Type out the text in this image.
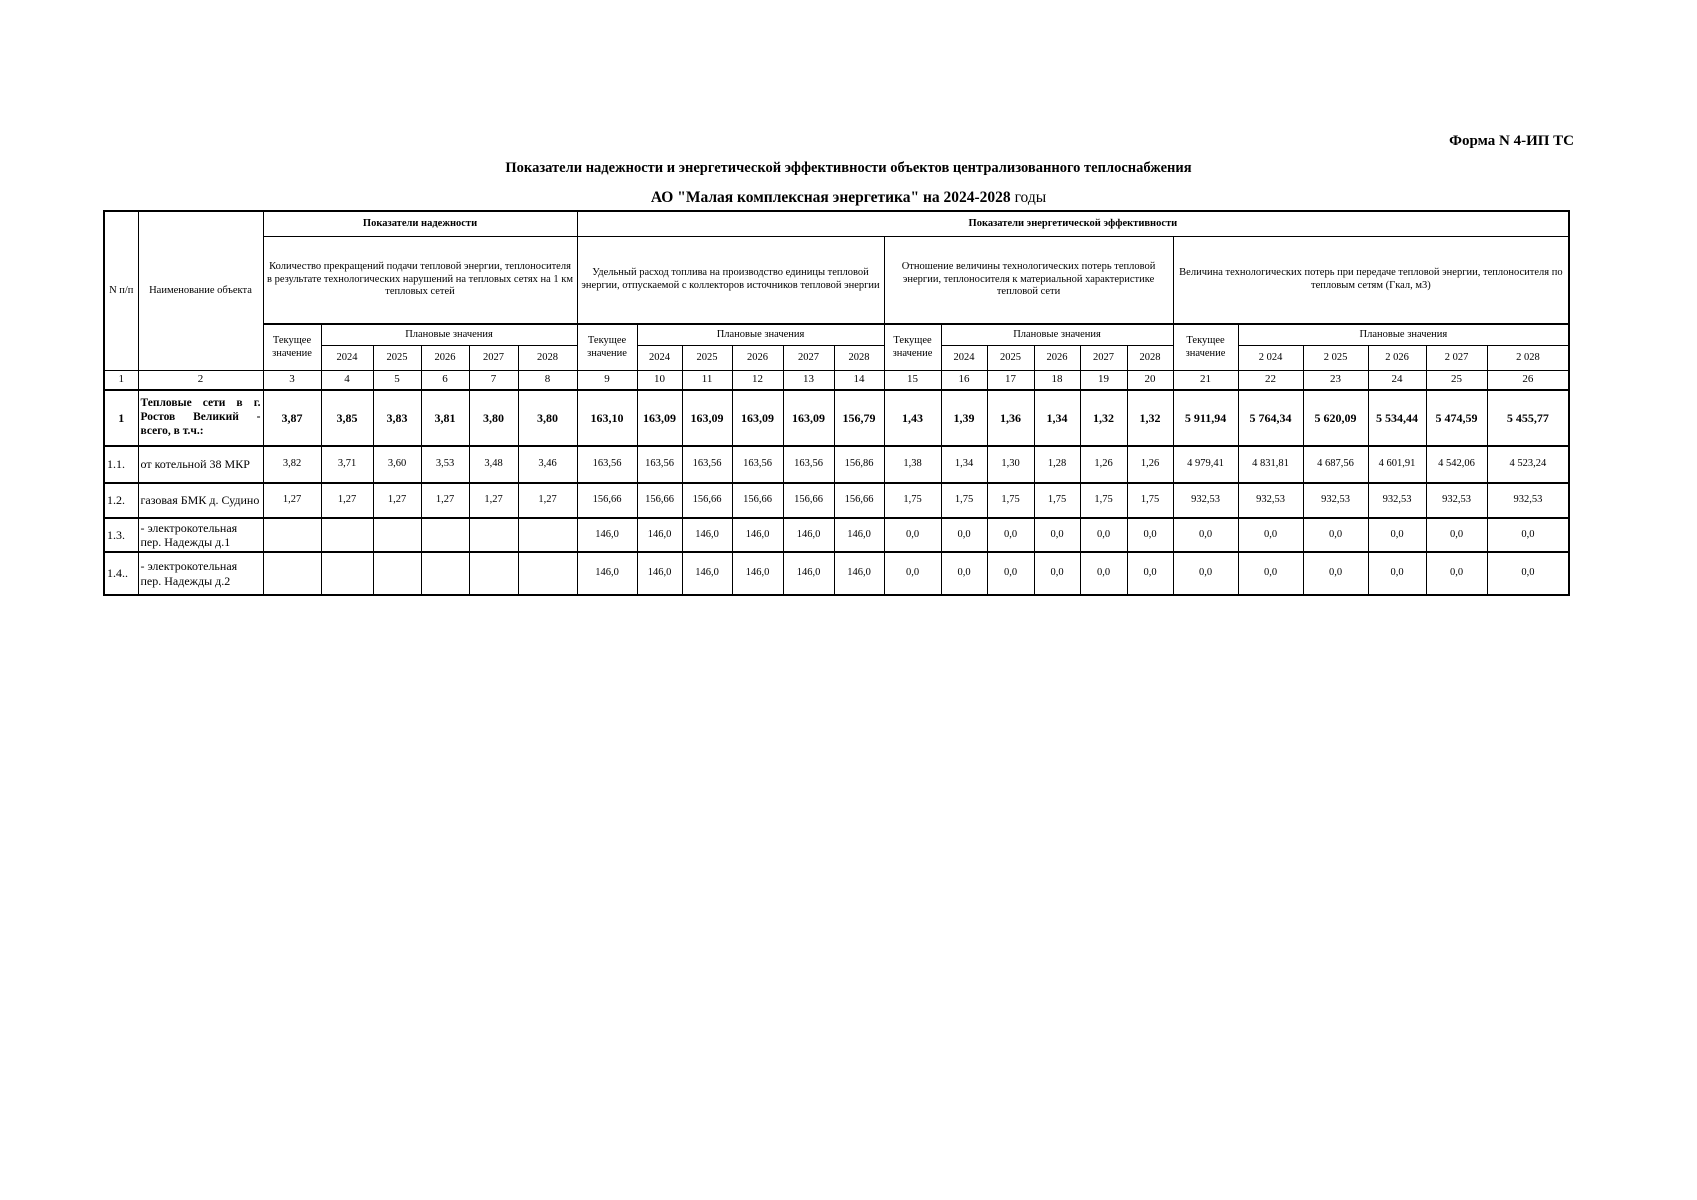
Форма N 4-ИП ТС
Показатели надежности и энергетической эффективности объектов централизованного теплоснабжения
АО "Малая комплексная энергетика" на 2024-2028 годы
N п/п	Наименование объекта	Показатели надежности						Показатели энергетической эффективности																	
		Количество прекращений подачи тепловой энергии, теплоносителя в результате технологических нарушений на тепловых сетях на 1 км тепловых сетей						Удельный расход топлива на производство единицы тепловой энергии, отпускаемой с коллекторов источников тепловой энергии						Отношение величины технологических потерь тепловой энергии, теплоносителя к материальной характеристике тепловой сети						Величина технологических потерь при передаче тепловой энергии, теплоносителя по тепловым сетям (Гкал, м3)					
		Текущее значение	Плановые значения					Текущее значение	Плановые значения					Текущее значение	Плановые значения					Текущее значение	Плановые значения				
			2024	2025	2026	2027	2028		2024	2025	2026	2027	2028		2024	2025	2026	2027	2028		2 024	2 025	2 026	2 027	2 028
1	2	3	4	5	6	7	8	9	10	11	12	13	14	15	16	17	18	19	20	21	22	23	24	25	26
1	Тепловые сети в г. Ростов Великий - всего, в т.ч.:	3,87	3,85	3,83	3,81	3,80	3,80	163,10	163,09	163,09	163,09	163,09	156,79	1,43	1,39	1,36	1,34	1,32	1,32	5 911,94	5 764,34	5 620,09	5 534,44	5 474,59	5 455,77
1.1.	от котельной 38 МКР	3,82	3,71	3,60	3,53	3,48	3,46	163,56	163,56	163,56	163,56	163,56	156,86	1,38	1,34	1,30	1,28	1,26	1,26	4 979,41	4 831,81	4 687,56	4 601,91	4 542,06	4 523,24
1.2.	газовая БМК д. Судино	1,27	1,27	1,27	1,27	1,27	1,27	156,66	156,66	156,66	156,66	156,66	156,66	1,75	1,75	1,75	1,75	1,75	1,75	932,53	932,53	932,53	932,53	932,53	932,53
1.3.	- электрокотельная пер. Надежды д.1							146,0	146,0	146,0	146,0	146,0	146,0	0,0	0,0	0,0	0,0	0,0	0,0	0,0	0,0	0,0	0,0	0,0	0,0
1.4..	- электрокотельная пер. Надежды д.2							146,0	146,0	146,0	146,0	146,0	146,0	0,0	0,0	0,0	0,0	0,0	0,0	0,0	0,0	0,0	0,0	0,0	0,0
